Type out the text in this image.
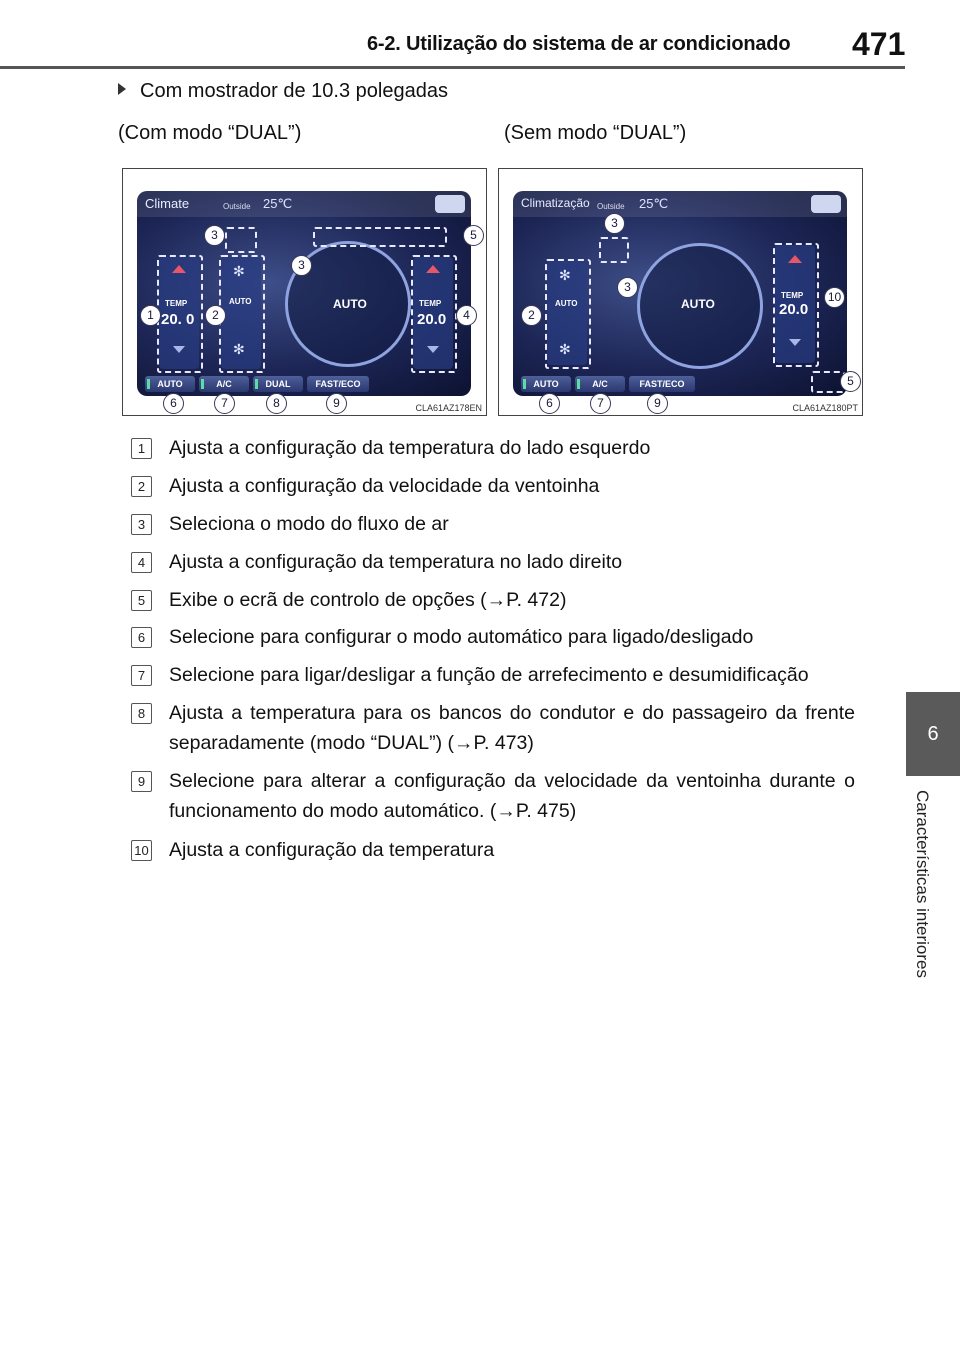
6-2. Utilização do sistema de ar condicionado 471
6
Características interiores
Com mostrador de 10.3 polegadas
(Com modo “DUAL”)	(Sem modo “DUAL”)
Climate	Outside 25℃
TEMP
20. 0
✻
AUTO
✻
AUTO	TEMP
20.0
AUTO	A/C	DUAL	FAST/ECO
1	2
3
3
4
5
6	7	8	9	CLA61AZ178EN
Climatização Outside 25℃
✻
AUTO
✻
AUTO
TEMP
20.0
AUTO	A/C	FAST/ECO
2
3
3
10
5
6	7	9	CLA61AZ180PT
1	Ajusta a configuração da temperatura do lado esquerdo
2	Ajusta a configuração da velocidade da ventoinha
3	Seleciona o modo do fluxo de ar
4	Ajusta a configuração da temperatura no lado direito
5	Exibe o ecrã de controlo de opções (→P. 472)
6	Selecione para configurar o modo automático para ligado/desligado
7	Selecione para ligar/desligar a função de arrefecimento e desumidificação
8	Ajusta a temperatura para os bancos do condutor e do passageiro da frente separadamente (modo “DUAL”) (→P. 473)
9	Selecione para alterar a configuração da velocidade da ventoinha durante o funcionamento do modo automático. (→P. 475)
10 Ajusta a configuração da temperatura
